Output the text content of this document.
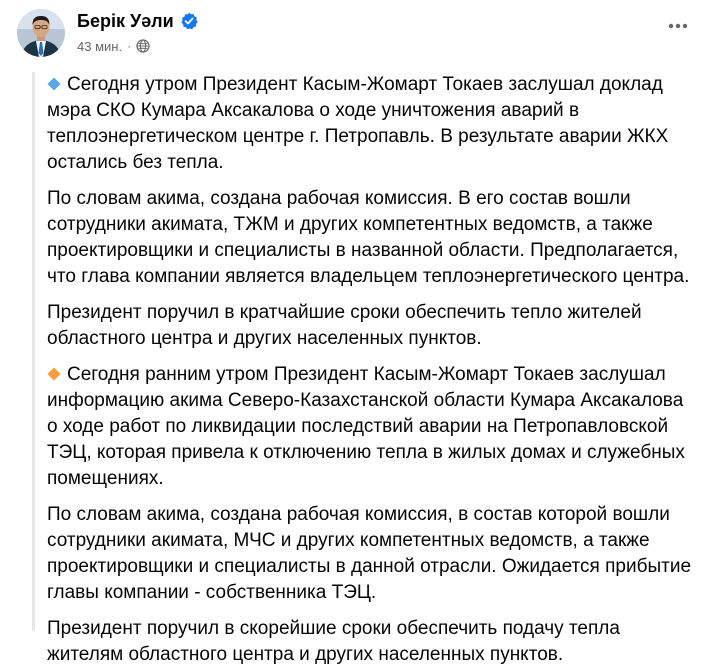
Берік Уәли
43 мин. ·

Сегодня утром Президент Касым-Жомарт Токаев заслушал доклад мэра СКО Кумара Аксакалова о ходе уничтожения аварий в теплоэнергетическом центре г. Петропавль. В результате аварии ЖКХ остались без тепла.

По словам акима, создана рабочая комиссия. В его состав вошли сотрудники акимата, ТЖМ и других компетентных ведомств, а также проектировщики и специалисты в названной области. Предполагается, что глава компании является владельцем теплоэнергетического центра.

Президент поручил в кратчайшие сроки обеспечить тепло жителей областного центра и других населенных пунктов.

Сегодня ранним утром Президент Касым-Жомарт Токаев заслушал информацию акима Северо-Казахстанской области Кумара Аксакалова о ходе работ по ликвидации последствий аварии на Петропавловской ТЭЦ, которая привела к отключению тепла в жилых домах и служебных помещениях.

По словам акима, создана рабочая комиссия, в состав которой вошли сотрудники акимата, МЧС и других компетентных ведомств, а также проектировщики и специалисты в данной отрасли. Ожидается прибытие главы компании - собственника ТЭЦ.

Президент поручил в скорейшие сроки обеспечить подачу тепла жителям областного центра и других населенных пунктов.
